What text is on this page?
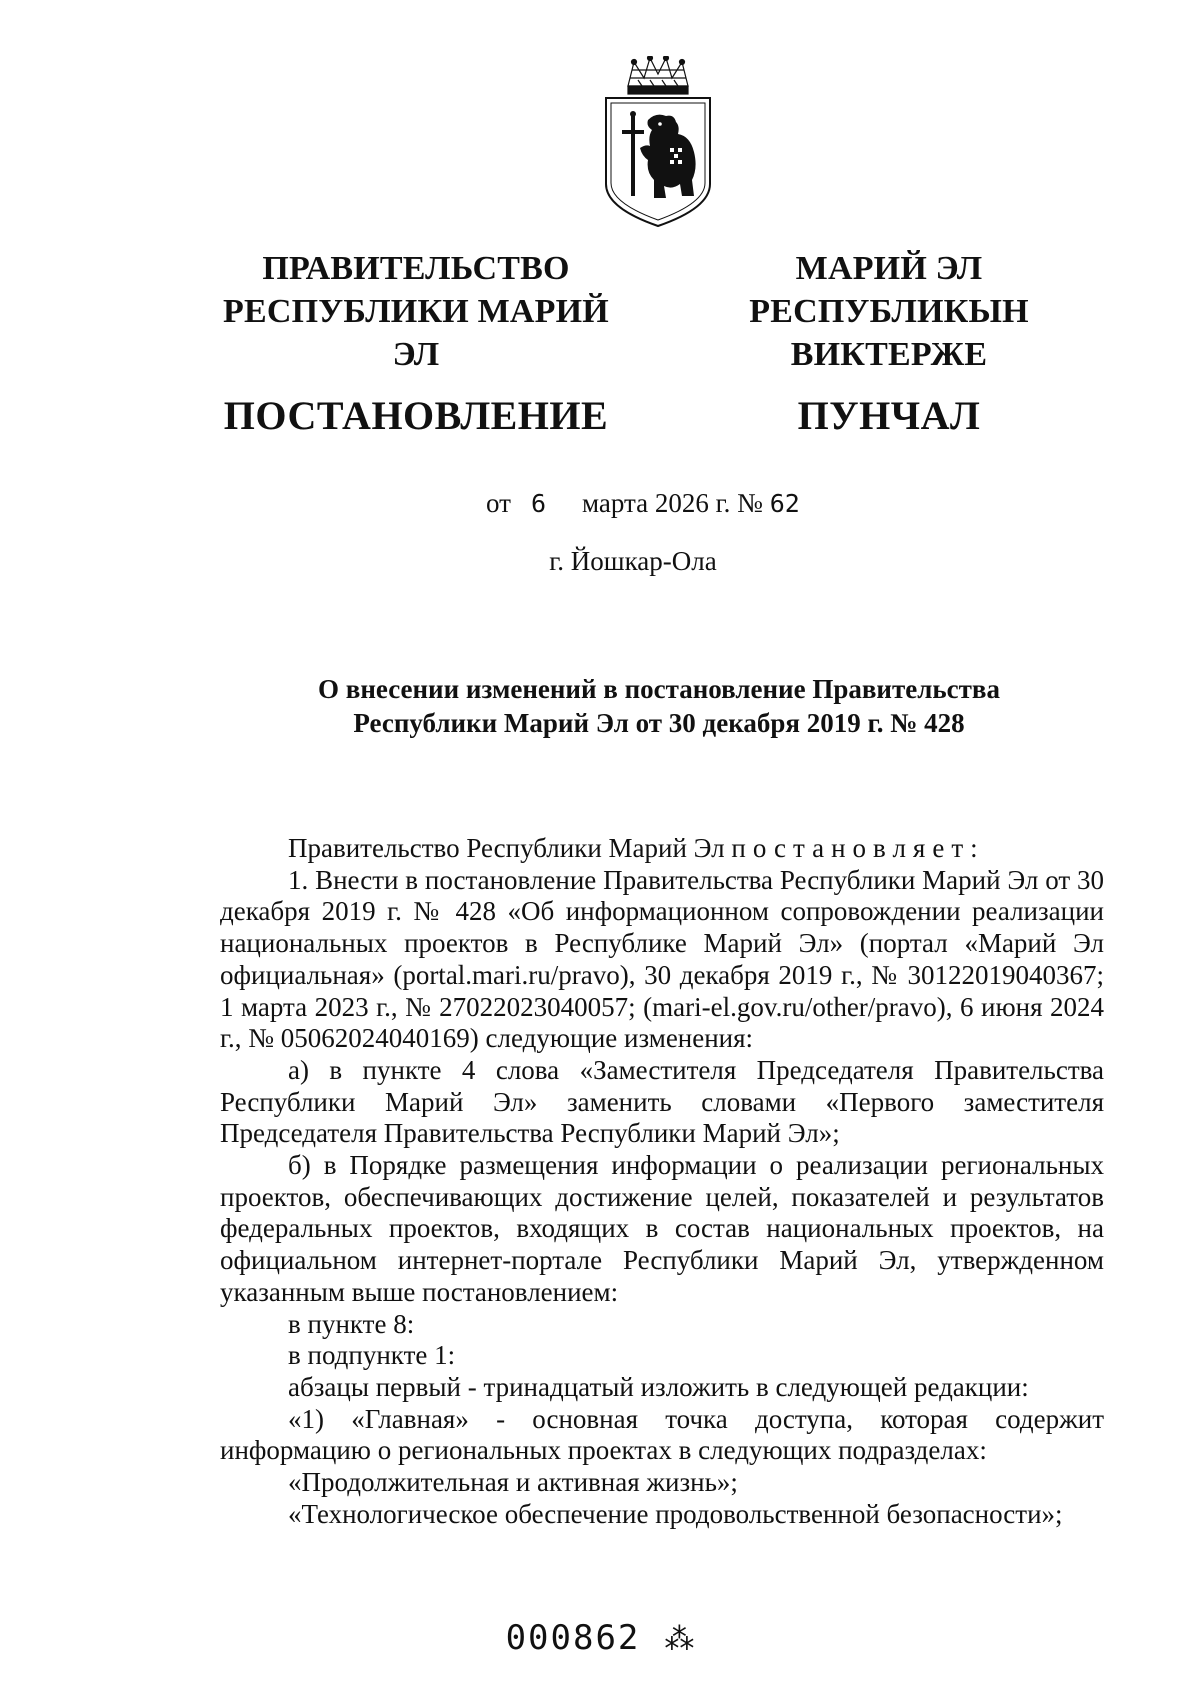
ПРАВИТЕЛЬСТВО
РЕСПУБЛИКИ МАРИЙ ЭЛ
ПОСТАНОВЛЕНИЕ
МАРИЙ ЭЛ РЕСПУБЛИКЫН
ВИКТЕРЖЕ
ПУНЧАЛ
от 6 марта 2026 г. № 62
г. Йошкар-Ола
О внесении изменений в постановление Правительства
Республики Марий Эл от 30 декабря 2019 г. № 428

Правительство Республики Марий Эл постановляет:

1. Внести в постановление Правительства Республики Марий Эл от 30 декабря 2019 г. № 428 «Об информационном сопровождении реализации национальных проектов в Республике Марий Эл» (портал «Марий Эл официальная» (portal.mari.ru/pravo), 30 декабря 2019 г., № 30122019040367; 1 марта 2023 г., № 27022023040057; (mari-el.gov.ru/other/pravo), 6 июня 2024 г., № 05062024040169) следующие изменения:

а) в пункте 4 слова «Заместителя Председателя Правительства Республики Марий Эл» заменить словами «Первого заместителя Председателя Правительства Республики Марий Эл»;

б) в Порядке размещения информации о реализации региональных проектов, обеспечивающих достижение целей, показателей и результатов федеральных проектов, входящих в состав национальных проектов, на официальном интернет-портале Республики Марий Эл, утвержденном указанным выше постановлением:

в пункте 8:

в подпункте 1:

абзацы первый - тринадцатый изложить в следующей редакции:

«1) «Главная» - основная точка доступа, которая содержит информацию о региональных проектах в следующих подразделах:

«Продолжительная и активная жизнь»;

«Технологическое обеспечение продовольственной безопасности»;

000862 ⁂
